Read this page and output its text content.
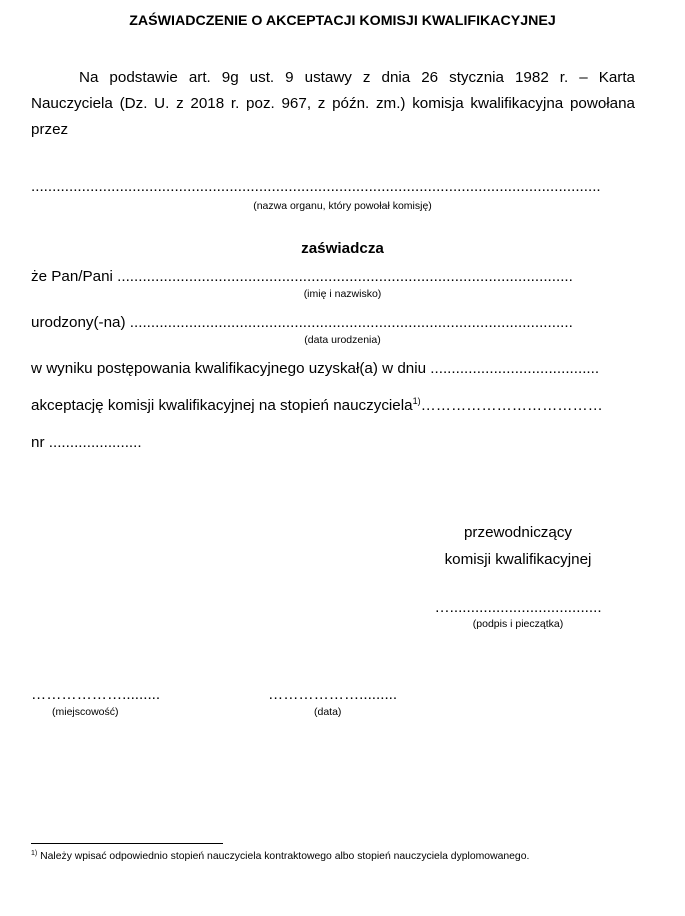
ZAŚWIADCZENIE O AKCEPTACJI KOMISJI KWALIFIKACYJNEJ
Na podstawie art. 9g ust. 9 ustawy z dnia 26 stycznia 1982 r. – Karta
Nauczyciela (Dz. U. z 2018 r. poz. 967, z późn. zm.) komisja kwalifikacyjna powołana
przez
.......................................................................................................................................
(nazwa organu, który powołał komisję)
zaświadcza
że Pan/Pani ............................................................................................................
(imię i nazwisko)
urodzony(-na) .........................................................................................................
(data urodzenia)
w wyniku postępowania kwalifikacyjnego uzyskał(a) w dniu ........................................
akceptację komisji kwalifikacyjnej na stopień nauczyciela$^{1)}$………………………………
nr ......................
przewodniczący
komisji kwalifikacyjnej
…....................................
(podpis i pieczątka)
……………….........
(miejscowość)
……………….........
(data)
$^{1)}$ Należy wpisać odpowiednio stopień nauczyciela kontraktowego albo stopień nauczyciela dyplomowanego.
